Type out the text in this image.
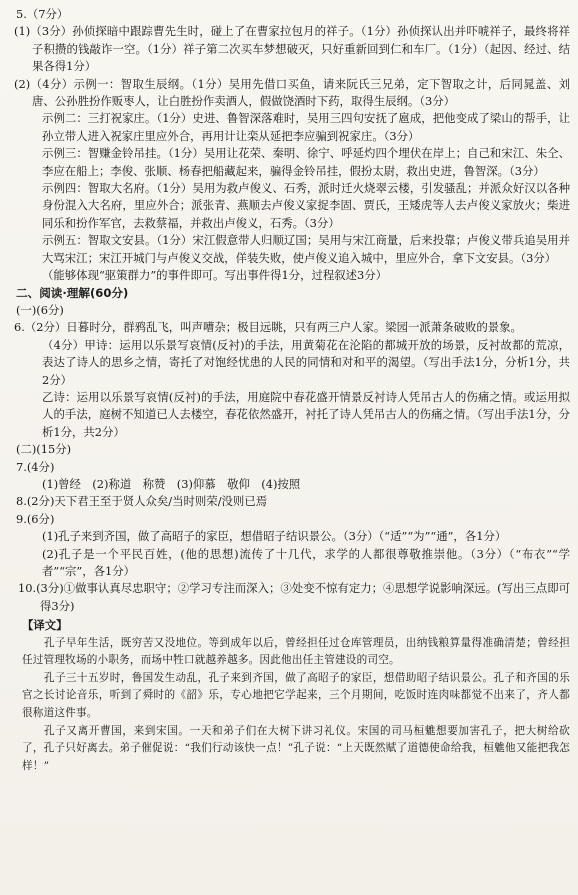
5.（7分）

(1)（3分）孙侦探暗中跟踪曹先生时，碰上了在曹家拉包月的祥子。（1分）孙侦探认出并吓唬祥子，最终将祥子积攒的钱敲诈一空。（1分）祥子第二次买车梦想破灭，只好重新回到仁和车厂。（1分）（起因、经过、结果各得1分）

(2)（4分）示例一：智取生辰纲。（1分）吴用先借口买鱼，请来阮氏三兄弟，定下智取之计，后同晁盖、刘唐、公孙胜扮作贩枣人，让白胜扮作卖酒人，假做饶酒时下药，取得生辰纲。（3分）

示例二：三打祝家庄。（1分）史进、鲁智深落难时，吴用三四句安抚了扈成，把他变成了梁山的帮手，让孙立带人进入祝家庄里应外合，再用计让栾从延把李应骗到祝家庄。（3分）

示例三：智赚金铃吊挂。（1分）吴用让花荣、秦明、徐宁、呼延灼四个埋伏在岸上；自己和宋江、朱仝、李应在船上；李俊、张顺、杨春把船藏起来，骗得金铃吊挂，假扮太尉，救出史进，鲁智深。（3分）

示例四：智取大名府。（1分）吴用为救卢俊义、石秀，派时迁火烧翠云楼，引发骚乱；并派众好汉以各种身份混入大名府，里应外合；派张青、燕顺去卢俊义家捉李固、贾氏，王矮虎等人去卢俊义家放火；柴进同乐和扮作军官，去救蔡福，并救出卢俊义，石秀。（3分）

示例五：智取文安县。（1分）宋江假意带人归顺辽国；吴用与宋江商量，后来投靠；卢俊义带兵追吴用并大骂宋江；宋江开城门与卢俊义交战，佯装失败，使卢俊义追入城中，里应外合，拿下文安县。（3分）

（能够体现“驱策群力”的事件即可。写出事件得1分，过程叙述3分）

二、阅读·理解(60分)

(一)(6分)

6.（2分）日暮时分，群鸦乱飞，叫声嘈杂；极目远眺，只有两三户人家。梁园一派萧条破败的景象。

（4分）甲诗：运用以乐景写哀情(反衬)的手法，用黄菊花在沦陷的都城开放的场景，反衬故都的荒凉，表达了诗人的思乡之情，寄托了对饱经忧患的人民的同情和对和平的渴望。（写出手法1分，分析1分，共2分）

乙诗：运用以乐景写哀情(反衬)的手法，用庭院中春花盛开情景反衬诗人凭吊古人的伤痛之情。或运用拟人的手法，庭树不知道已人去楼空，春花依然盛开，衬托了诗人凭吊古人的伤痛之情。（写出手法1分，分析1分，共2分）

(二)(15分)

7.(4分)

(1)曾经　(2)称道　称赞　(3)仰慕　敬仰　(4)按照

8.(2分)天下君王至于贤人众矣/当时则荣/没则已焉

9.(6分)

(1)孔子来到齐国，做了高昭子的家臣，想借昭子结识景公。（3分）（“适”“为”“通”，各1分）

(2)孔子是一个平民百姓，(他的思想)流传了十几代，求学的人都很尊敬推崇他。（3分）（“布衣”“学者”“宗”，各1分）

10.(3分)①做事认真尽忠职守；②学习专注而深入；③处变不惊有定力；④思想学说影响深远。(写出三点即可得3分)

【译文】

孔子早年生活，既穷苦又没地位。等到成年以后，曾经担任过仓库管理员，出纳钱粮算量得准确清楚；曾经担任过管理牧场的小职务，而场中牲口就越养越多。因此他出任主管建设的司空。

孔子三十五岁时，鲁国发生动乱，孔子来到齐国，做了高昭子的家臣，想借助昭子结识景公。孔子和齐国的乐官之长讨论音乐，听到了舜时的《韶》乐，专心地把它学起来，三个月期间，吃饭时连肉味都觉不出来了，齐人都很称道这件事。

孔子又离开曹国，来到宋国。一天和弟子们在大树下讲习礼仪。宋国的司马桓魋想要加害孔子，把大树给砍了，孔子只好离去。弟子催促说：“我们行动该快一点！”孔子说：“上天既然赋了道德使命给我，桓魋他又能把我怎样！”
